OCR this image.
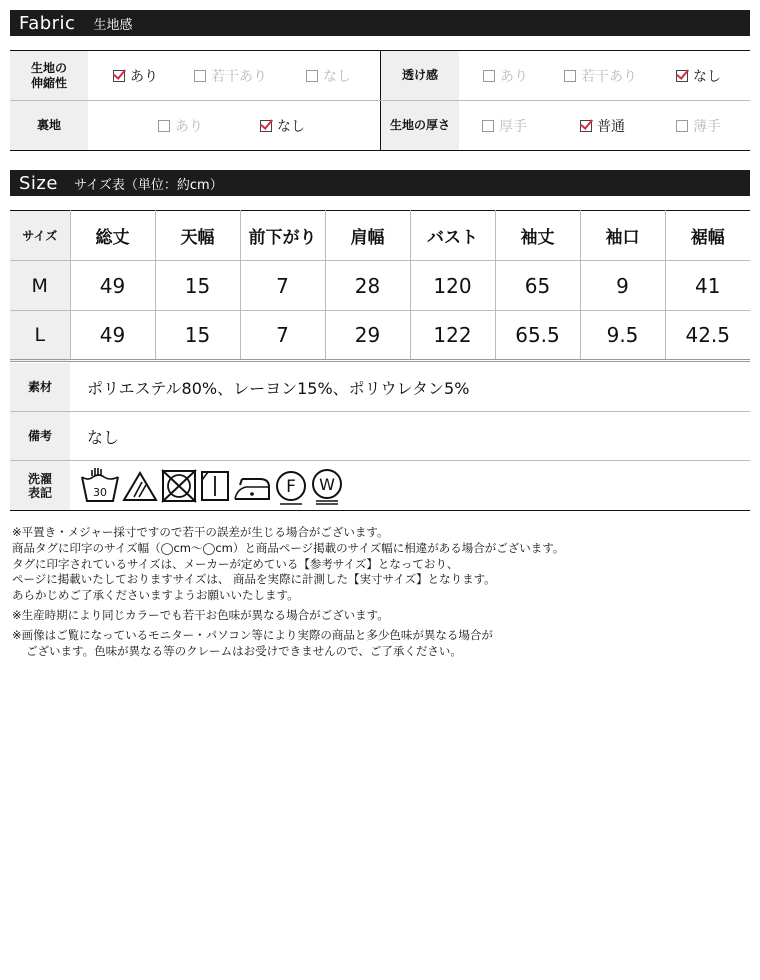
Fabric 生地感
生地の伸縮性	あり	若干あり	なし	透け感	あり	若干あり	なし
裏地	あり	なし	生地の厚さ	厚手	普通	薄手
Size サイズ表（単位：約cm）
サイズ	総丈	天幅	前下がり	肩幅	バスト	袖丈	袖口	裾幅
M	49	15	7	28	120	65	9	41
L	49	15	7	29	122	65.5	9.5	42.5
素材	ポリエステル80%、レーヨン15%、ポリウレタン5%
備考	なし
洗濯表記	30	F W

※平置き・メジャー採寸ですので若干の誤差が生じる場合がございます。

商品タグに印字のサイズ幅（◯cm〜◯cm）と商品ページ掲載のサイズ幅に相違がある場合がございます。

タグに印字されているサイズは、メーカーが定めている【参考サイズ】となっており、

ページに掲載いたしておりますサイズは、 商品を実際に計測した【実寸サイズ】となります。

あらかじめご了承くださいますようお願いいたします。

※生産時期により同じカラーでも若干お色味が異なる場合がございます。

※画像はご覧になっているモニター・パソコン等により実際の商品と多少色味が異なる場合が

ございます。色味が異なる等のクレームはお受けできませんので、ご了承ください。
